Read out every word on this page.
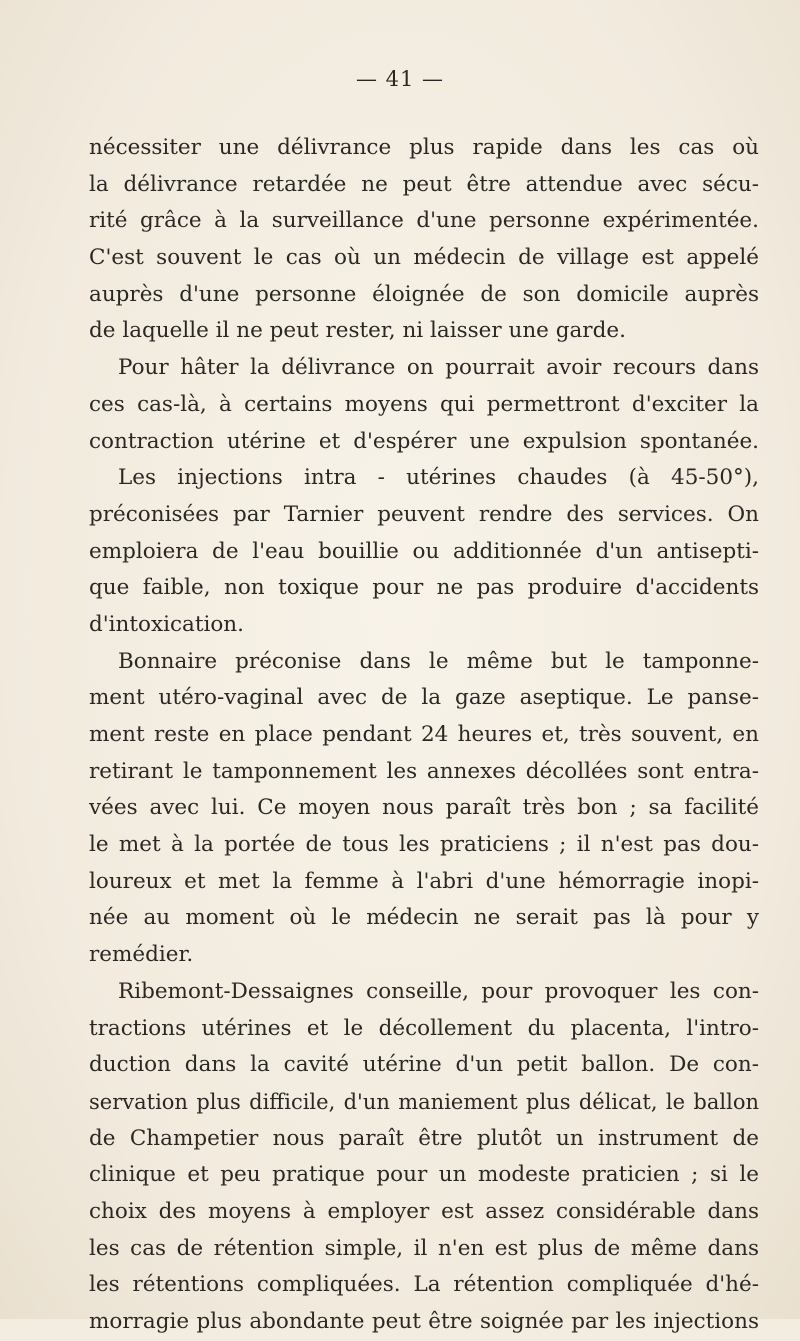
— 41 —
nécessiter une délivrance plus rapide dans les cas où
la délivrance retardée ne peut être attendue avec sécu-
rité grâce à la surveillance d'une personne expérimentée.
C'est souvent le cas où un médecin de village est appelé
auprès d'une personne éloignée de son domicile auprès
de laquelle il ne peut rester, ni laisser une garde.
Pour hâter la délivrance on pourrait avoir recours dans
ces cas-là, à certains moyens qui permettront d'exciter la
contraction utérine et d'espérer une expulsion spontanée.
Les injections intra - utérines chaudes (à 45-50°),
préconisées par Tarnier peuvent rendre des services. On
emploiera de l'eau bouillie ou additionnée d'un antisepti-
que faible, non toxique pour ne pas produire d'accidents
d'intoxication.
Bonnaire préconise dans le même but le tamponne-
ment utéro-vaginal avec de la gaze aseptique. Le panse-
ment reste en place pendant 24 heures et, très souvent, en
retirant le tamponnement les annexes décollées sont entra-
vées avec lui. Ce moyen nous paraît très bon ; sa facilité
le met à la portée de tous les praticiens ; il n'est pas dou-
loureux et met la femme à l'abri d'une hémorragie inopi-
née au moment où le médecin ne serait pas là pour y
remédier.
Ribemont-Dessaignes conseille, pour provoquer les con-
tractions utérines et le décollement du placenta, l'intro-
duction dans la cavité utérine d'un petit ballon. De con-
servation plus difficile, d'un maniement plus délicat, le ballon
de Champetier nous paraît être plutôt un instrument de
clinique et peu pratique pour un modeste praticien ; si le
choix des moyens à employer est assez considérable dans
les cas de rétention simple, il n'en est plus de même dans
les rétentions compliquées. La rétention compliquée d'hé-
morragie plus abondante peut être soignée par les injections
